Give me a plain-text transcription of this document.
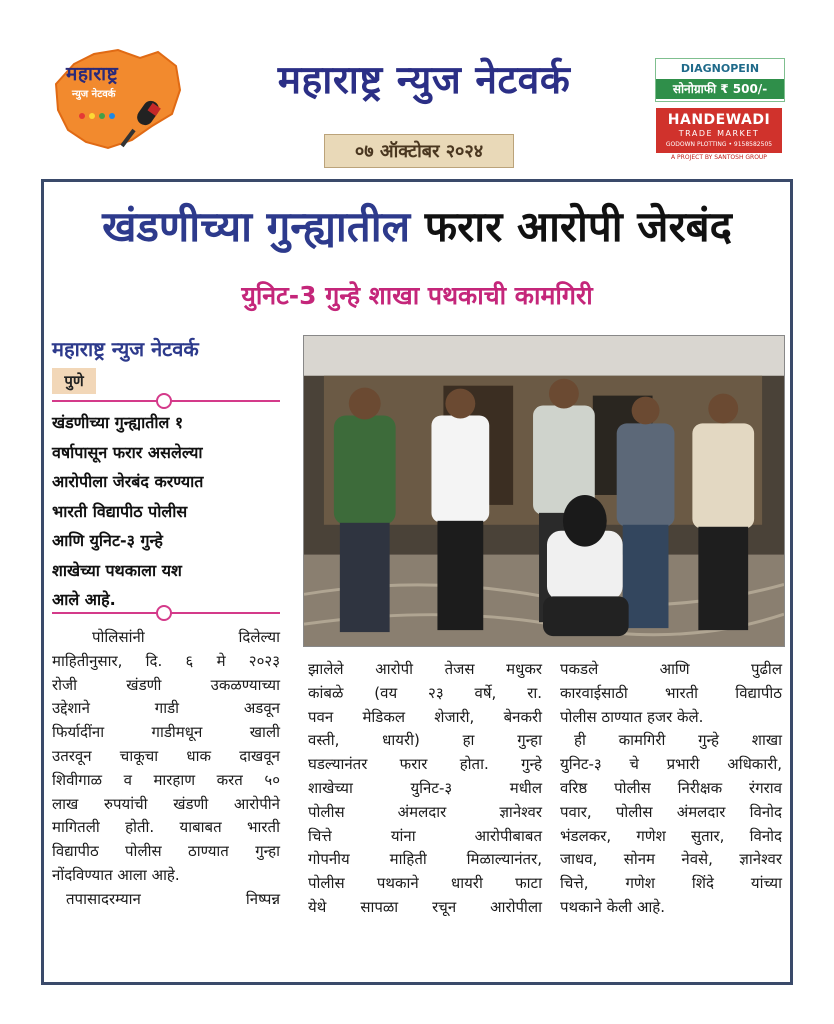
महाराष्ट्र
न्युज नेटवर्क	महाराष्ट्र न्युज नेटवर्क
०७ ऑक्टोबर २०२४
DIAGNOPEIN
सोनोग्राफी ₹ 500/-
HANDEWADI
TRADE MARKET
GODOWN PLOTTING • 9158582505
A PROJECT BY SANTOSH GROUP
खंडणीच्या गुन्ह्यातील फरार आरोपी जेरबंद
युनिट-3 गुन्हे शाखा पथकाची कामगिरी
महाराष्ट्र न्युज नेटवर्क
पुणे
खंडणीच्या गुन्ह्यातील १
वर्षापासून फरार असलेल्या
आरोपीला जेरबंद करण्यात
भारती विद्यापीठ पोलीस
आणि युनिट-३ गुन्हे
शाखेच्या पथकाला यश
आले आहे.
पोलिसांनी दिलेल्या
माहितीनुसार, दि. ६ मे २०२३
रोजी खंडणी उकळण्याच्या
उद्देशाने गाडी अडवून
फिर्यादींना गाडीमधून खाली
उतरवून चाकूचा धाक दाखवून
शिवीगाळ व मारहाण करत ५०
लाख रुपयांची खंडणी आरोपीने
मागितली होती. याबाबत भारती
विद्यापीठ पोलीस ठाण्यात गुन्हा
नोंदविण्यात आला आहे.
तपासादरम्यान निष्पन्न
झालेले आरोपी तेजस मधुकर
कांबळे (वय २३ वर्षे, रा.
पवन मेडिकल शेजारी, बेनकरी
वस्ती, धायरी) हा गुन्हा
घडल्यानंतर फरार होता. गुन्हे
शाखेच्या युनिट-३ मधील
पोलीस अंमलदार ज्ञानेश्वर
चित्ते यांना आरोपीबाबत
गोपनीय माहिती मिळाल्यानंतर,
पोलीस पथकाने धायरी फाटा
येथे सापळा रचून आरोपीला
पकडले आणि पुढील
कारवाईसाठी भारती विद्यापीठ
पोलीस ठाण्यात हजर केले.
ही कामगिरी गुन्हे शाखा
युनिट-३ चे प्रभारी अधिकारी,
वरिष्ठ पोलीस निरीक्षक रंगराव
पवार, पोलीस अंमलदार विनोद
भंडलकर, गणेश सुतार, विनोद
जाधव, सोनम नेवसे, ज्ञानेश्वर
चित्ते, गणेश शिंदे यांच्या
पथकाने केली आहे.
